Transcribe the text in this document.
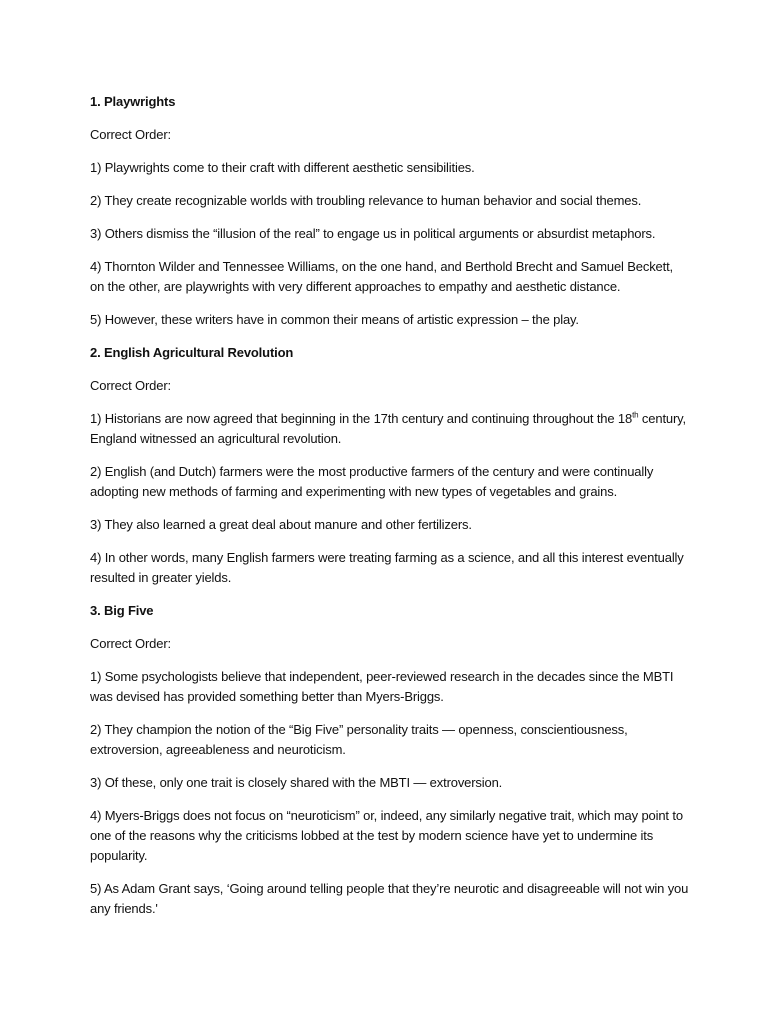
1. Playwrights

Correct Order:

1) Playwrights come to their craft with different aesthetic sensibilities.

2) They create recognizable worlds with troubling relevance to human behavior and social themes.

3) Others dismiss the “illusion of the real” to engage us in political arguments or absurdist metaphors.

4) Thornton Wilder and Tennessee Williams, on the one hand, and Berthold Brecht and Samuel Beckett, on the other, are playwrights with very different approaches to empathy and aesthetic distance.

5) However, these writers have in common their means of artistic expression – the play.

2. English Agricultural Revolution

Correct Order:

1) Historians are now agreed that beginning in the 17th century and continuing throughout the 18th century, England witnessed an agricultural revolution.

2) English (and Dutch) farmers were the most productive farmers of the century and were continually adopting new methods of farming and experimenting with new types of vegetables and grains.

3) They also learned a great deal about manure and other fertilizers.

4) In other words, many English farmers were treating farming as a science, and all this interest eventually resulted in greater yields.

3. Big Five

Correct Order:

1) Some psychologists believe that independent, peer-reviewed research in the decades since the MBTI was devised has provided something better than Myers-Briggs.

2) They champion the notion of the “Big Five” personality traits — openness, conscientiousness, extroversion, agreeableness and neuroticism.

3) Of these, only one trait is closely shared with the MBTI — extroversion.

4) Myers-Briggs does not focus on “neuroticism” or, indeed, any similarly negative trait, which may point to one of the reasons why the criticisms lobbed at the test by modern science have yet to undermine its popularity.

5) As Adam Grant says, ‘Going around telling people that they’re neurotic and disagreeable will not win you any friends.'
